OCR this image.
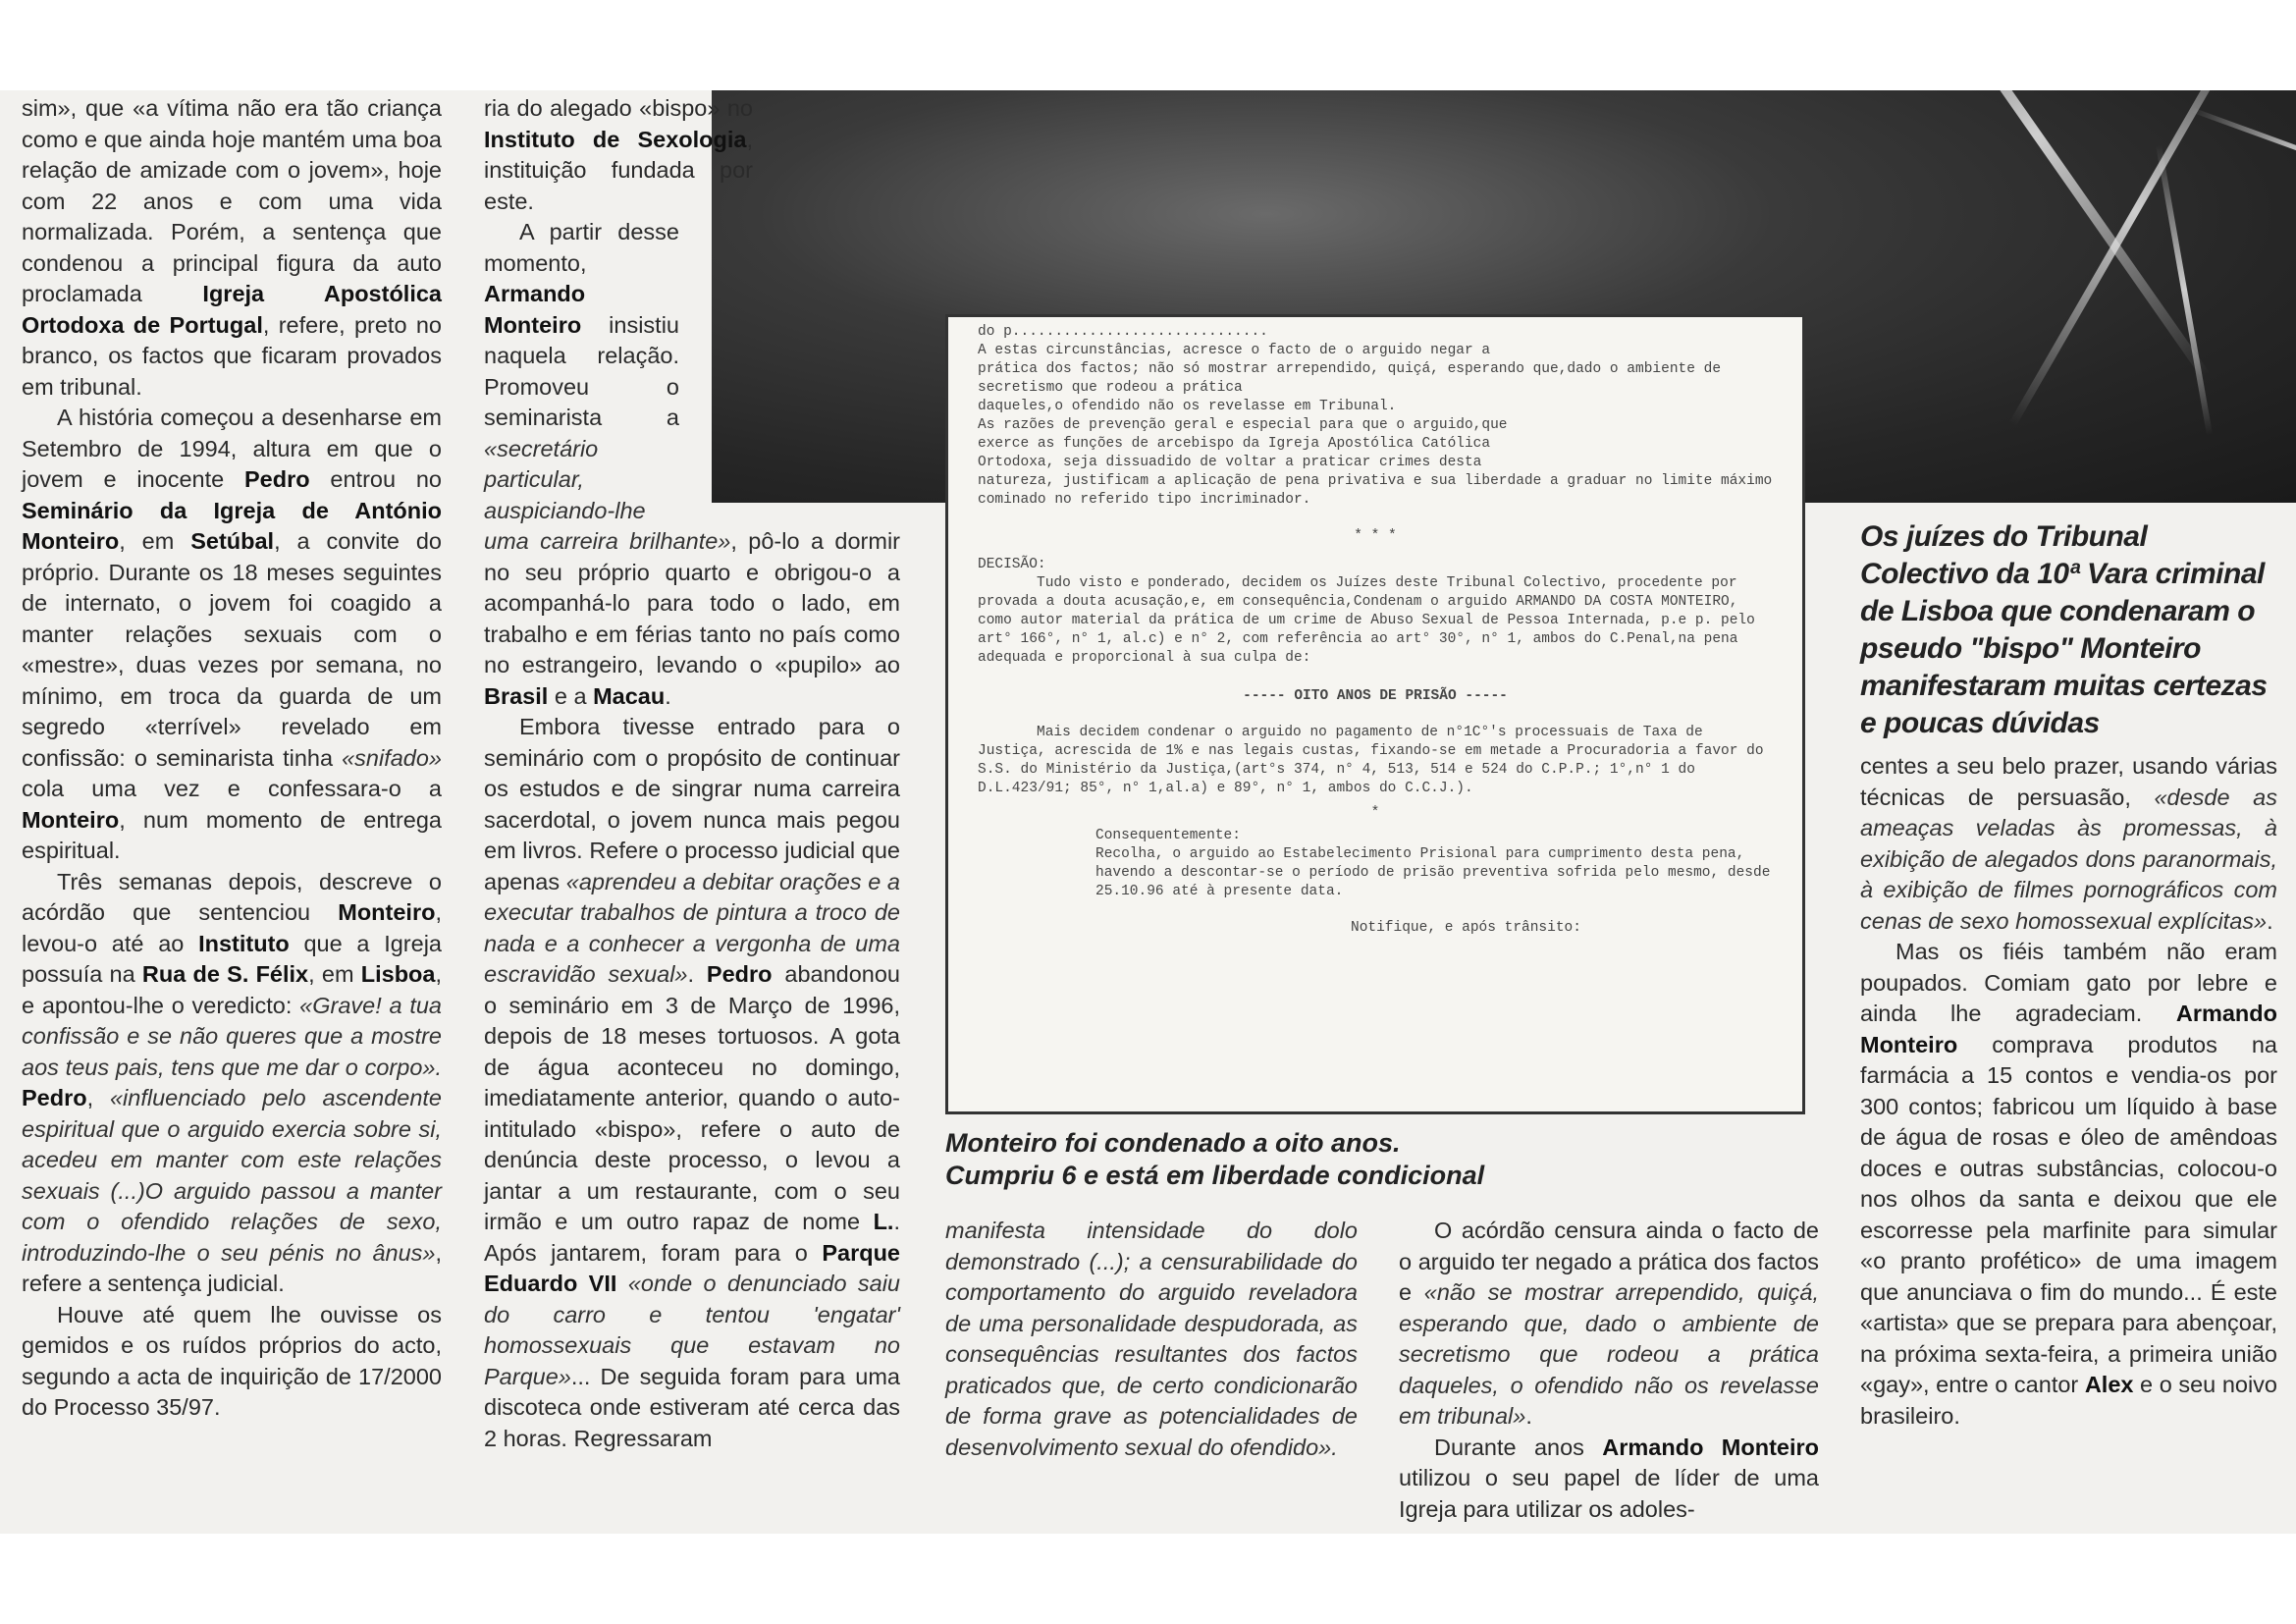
sim», que «a vítima não era tão criança como e que ainda hoje mantém uma boa relação de amizade com o jovem», hoje com 22 anos e com uma vida normalizada. Porém, a sentença que condenou a principal figura da auto proclamada Igreja Apostólica Ortodoxa de Portugal, refere, preto no branco, os factos que ficaram provados em tribunal.

A história começou a desenharse em Setembro de 1994, altura em que o jovem e inocente Pedro entrou no Seminário da Igreja de António Monteiro, em Setúbal, a convite do próprio. Durante os 18 meses seguintes de internato, o jovem foi coagido a manter relações sexuais com o «mestre», duas vezes por semana, no mínimo, em troca da guarda de um segredo «terrível» revelado em confissão: o seminarista tinha «snifado» cola uma vez e confessara-o a Monteiro, num momento de entrega espiritual.

Três semanas depois, descreve o acórdão que sentenciou Monteiro, levou-o até ao Instituto que a Igreja possuía na Rua de S. Félix, em Lisboa, e apontou-lhe o veredicto: «Grave! a tua confissão e se não queres que a mostre aos teus pais, tens que me dar o corpo». Pedro, «influenciado pelo ascendente espiritual que o arguido exercia sobre si, acedeu em manter com este relações sexuais (...)O arguido passou a manter com o ofendido relações de sexo, introduzindo-lhe o seu pénis no ânus», refere a sentença judicial.

Houve até quem lhe ouvisse os gemidos e os ruídos próprios do acto, segundo a acta de inquirição de 17/2000 do Processo 35/97.

ria do alegado «bispo» no Instituto de Sexologia, instituição fundada por este.

A partir desse momento, Armando Monteiro insistiu naquela relação. Promoveu o seminarista a «secretário particular, auspiciando-lhe uma carreira brilhante», pô-lo a dormir no seu próprio quarto e obrigou-o a acompanhá-lo para todo o lado, em trabalho e em férias tanto no país como no estrangeiro, levando o «pupilo» ao Brasil e a Macau.

Embora tivesse entrado para o seminário com o propósito de continuar os estudos e de singrar numa carreira sacerdotal, o jovem nunca mais pegou em livros. Refere o processo judicial que apenas «aprendeu a debitar orações e a executar trabalhos de pintura a troco de nada e a conhecer a vergonha de uma escravidão sexual». Pedro abandonou o seminário em 3 de Março de 1996, depois de 18 meses tortuosos. A gota de água aconteceu no domingo, imediatamente anterior, quando o auto-intitulado «bispo», refere o auto de denúncia deste processo, o levou a jantar a um restaurante, com o seu irmão e um outro rapaz de nome L.. Após jantarem, foram para o Parque Eduardo VII «onde o denunciado saiu do carro e tentou 'engatar' homossexuais que estavam no Parque»... De seguida foram para uma discoteca onde estiveram até cerca das 2 horas. Regressaram

do p..............................
A estas circunstâncias, acresce o facto de o arguido negar a
prática dos factos; não só mostrar arrependido, quiçá, esperando que,dado o ambiente de secretismo que rodeou a prática
daqueles,o ofendido não os revelasse em Tribunal.
As razões de prevenção geral e especial para que o arguido,que
exerce as funções de arcebispo da Igreja Apostólica Católica
Ortodoxa, seja dissuadido de voltar a praticar crimes desta
natureza, justificam a aplicação de pena privativa e sua liberdade a graduar no limite máximo cominado no referido tipo incriminador.
* * *
DECISÃO:
Tudo visto e ponderado, decidem os Juízes deste Tribunal Colectivo, procedente por provada a douta acusação,e, em consequência,Condenam o arguido ARMANDO DA COSTA MONTEIRO, como autor material da prática de um crime de Abuso Sexual de Pessoa Internada, p.e p. pelo art° 166°, n° 1, al.c) e n° 2, com referência ao art° 30°, n° 1, ambos do C.Penal,na pena adequada e proporcional à sua culpa de:
----- OITO ANOS DE PRISÃO -----
Mais decidem condenar o arguido no pagamento de n°1C°'s processuais de Taxa de Justiça, acrescida de 1% e nas legais custas, fixando-se em metade a Procuradoria a favor do S.S. do Ministério da Justiça,(art°s 374, n° 4, 513, 514 e 524 do C.P.P.; 1°,n° 1 do D.L.423/91; 85°, n° 1,al.a) e 89°, n° 1, ambos do C.C.J.).
*
Consequentemente:
Recolha, o arguido ao Estabelecimento Prisional para cumprimento desta pena, havendo a descontar-se o período de prisão preventiva sofrida pelo mesmo, desde 25.10.96 até à presente data.
Notifique, e após trânsito:
Os juízes do Tribunal Colectivo da 10ª Vara criminal de Lisboa que condenaram o pseudo "bispo" Monteiro manifestaram muitas certezas e poucas dúvidas
Monteiro foi condenado a oito anos.
Cumpriu 6 e está em liberdade condicional

manifesta intensidade do dolo demonstrado (...); a censurabilidade do comportamento do arguido reveladora de uma personalidade despudorada, as consequências resultantes dos factos praticados que, de certo condicionarão de forma grave as potencialidades de desenvolvimento sexual do ofendido».

O acórdão censura ainda o facto de o arguido ter negado a prática dos factos e «não se mostrar arrependido, quiçá, esperando que, dado o ambiente de secretismo que rodeou a prática daqueles, o ofendido não os revelasse em tribunal».

Durante anos Armando Monteiro utilizou o seu papel de líder de uma Igreja para utilizar os adoles-

centes a seu belo prazer, usando várias técnicas de persuasão, «desde as ameaças veladas às promessas, à exibição de alegados dons paranormais, à exibição de filmes pornográficos com cenas de sexo homossexual explícitas».

Mas os fiéis também não eram poupados. Comiam gato por lebre e ainda lhe agradeciam. Armando Monteiro comprava produtos na farmácia a 15 contos e vendia-os por 300 contos; fabricou um líquido à base de água de rosas e óleo de amêndoas doces e outras substâncias, colocou-o nos olhos da santa e deixou que ele escorresse pela marfinite para simular «o pranto profético» de uma imagem que anunciava o fim do mundo... É este «artista» que se prepara para abençoar, na próxima sexta-feira, a primeira união «gay», entre o cantor Alex e o seu noivo brasileiro.
